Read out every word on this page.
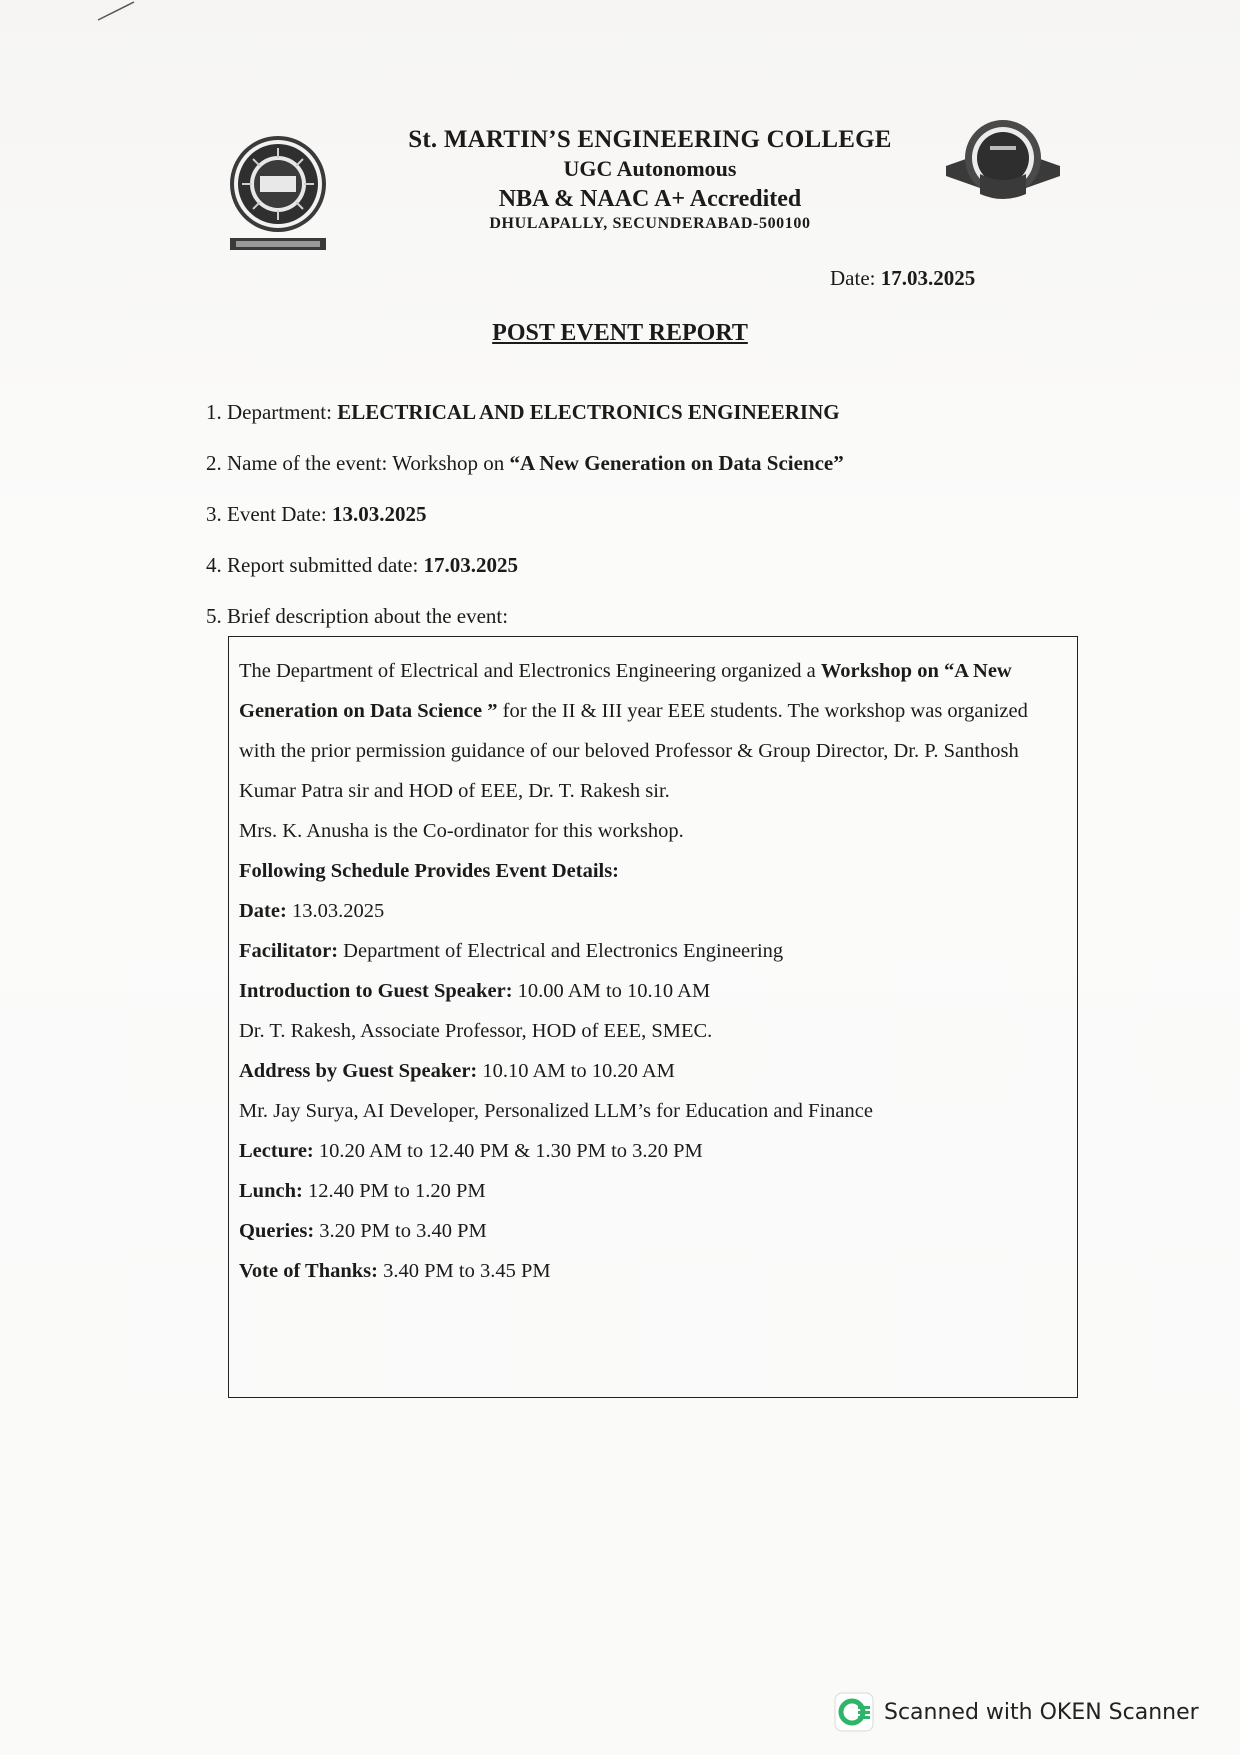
St. MARTIN’S ENGINEERING COLLEGE
UGC Autonomous
NBA & NAAC A+ Accredited
DHULAPALLY, SECUNDERABAD-500100
Date: 17.03.2025
POST EVENT REPORT
1. Department: ELECTRICAL AND ELECTRONICS ENGINEERING
2. Name of the event: Workshop on “A New Generation on Data Science”
3. Event Date: 13.03.2025
4. Report submitted date: 17.03.2025
5. Brief description about the event:
The Department of Electrical and Electronics Engineering organized a Workshop on “A New
Generation on Data Science ” for the II & III year EEE students. The workshop was organized
with the prior permission guidance of our beloved Professor & Group Director, Dr. P. Santhosh
Kumar Patra sir and HOD of EEE, Dr. T. Rakesh sir.
Mrs. K. Anusha is the Co-ordinator for this workshop.
Following Schedule Provides Event Details:
Date: 13.03.2025
Facilitator: Department of Electrical and Electronics Engineering
Introduction to Guest Speaker: 10.00 AM to 10.10 AM
Dr. T. Rakesh, Associate Professor, HOD of EEE, SMEC.
Address by Guest Speaker: 10.10 AM to 10.20 AM
Mr. Jay Surya, AI Developer, Personalized LLM’s for Education and Finance
Lecture: 10.20 AM to 12.40 PM & 1.30 PM to 3.20 PM
Lunch: 12.40 PM to 1.20 PM
Queries: 3.20 PM to 3.40 PM
Vote of Thanks: 3.40 PM to 3.45 PM
Scanned with OKEN Scanner
